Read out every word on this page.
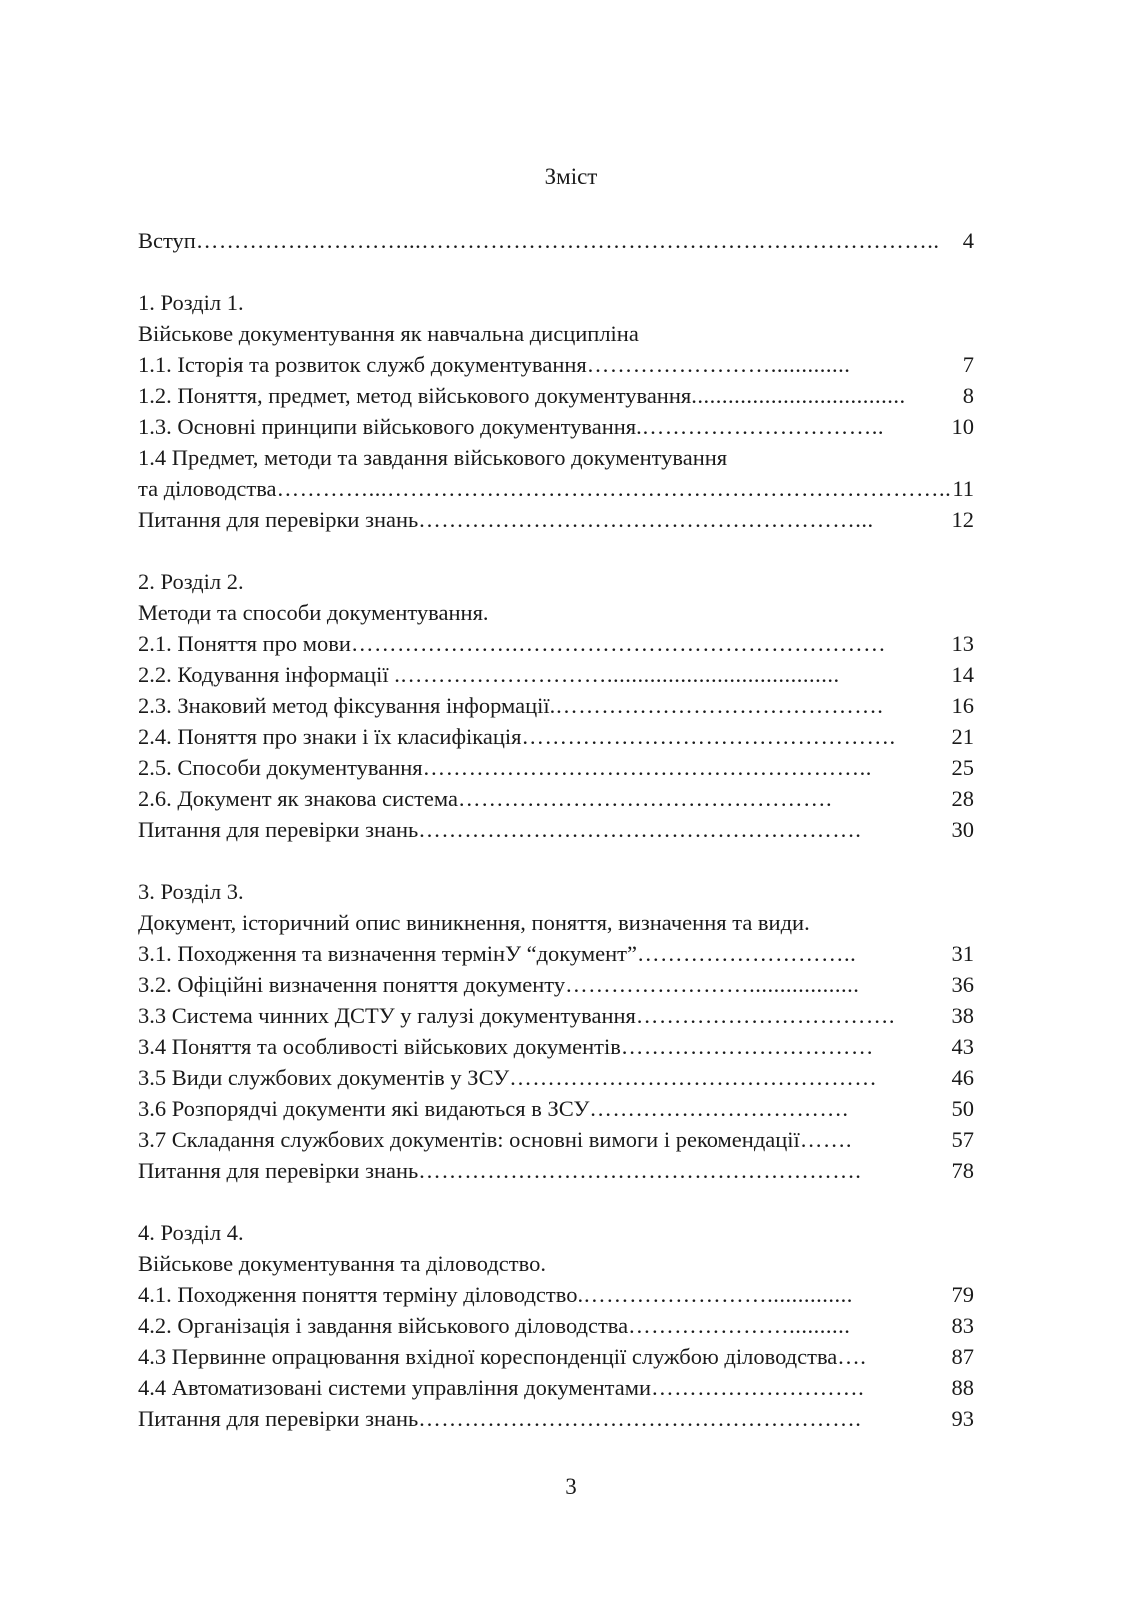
Зміст
Вступ ………………………...…………………………………………………………..	4
1. Розділ 1.
Військове документування як навчальна дисципліна
1.1. Історія та розвиток служб документування …………………….............	7
1.2. Поняття, предмет, метод військового документування ...................................	8
1.3. Основні принципи військового документування. …………………………..	10
1.4 Предмет, методи та завдання військового документування
та діловодства …………...……………………………………………………………….. 11
Питання для перевірки знань …………………………………………………...	12
2. Розділ 2.
Методи та способи документування.
2.1. Поняття про мови ………………….…………………………………………	13
2.2. Кодування інформації . ………………………......................................	14
2.3. Знаковий метод фіксування інформації. …………………………………….	16
2.4. Поняття про знаки і їх класифікація ………………………………………….	21
2.5. Способи документування …………………………………………………..	25
2.6. Документ як знакова система ………………………………………….	28
Питання для перевірки знань ………………………………………………….	30
3. Розділ 3.
Документ, історичний опис виникнення, поняття, визначення та види.
3.1. Походження та визначення термінУ “документ” ………………………..	31
3.2. Офіційні визначення поняття документу ……………………..................	36
3.3 Система чинних ДСТУ у галузі документування …………………………….	38
3.4 Поняття та особливості військових документів ……………………………	43
3.5 Види службових документів у ЗСУ …………………………………………	46
3.6 Розпорядчі документи які видаються в ЗСУ …………………………….	50
3.7 Складання службових документів: основні вимоги і рекомендації …….	57
Питання для перевірки знань ………………………………………………….	78
4. Розділ 4.
Військове документування та діловодство.
4.1. Походження поняття терміну діловодство. ……………………..............	79
4.2. Організація і завдання військового діловодства …………………..........	83
4.3 Первинне опрацювання вхідної кореспонденції службою діловодства ….	87
4.4 Автоматизовані системи управління документами ……………………….	88
Питання для перевірки знань ………………………………………………….	93
3
